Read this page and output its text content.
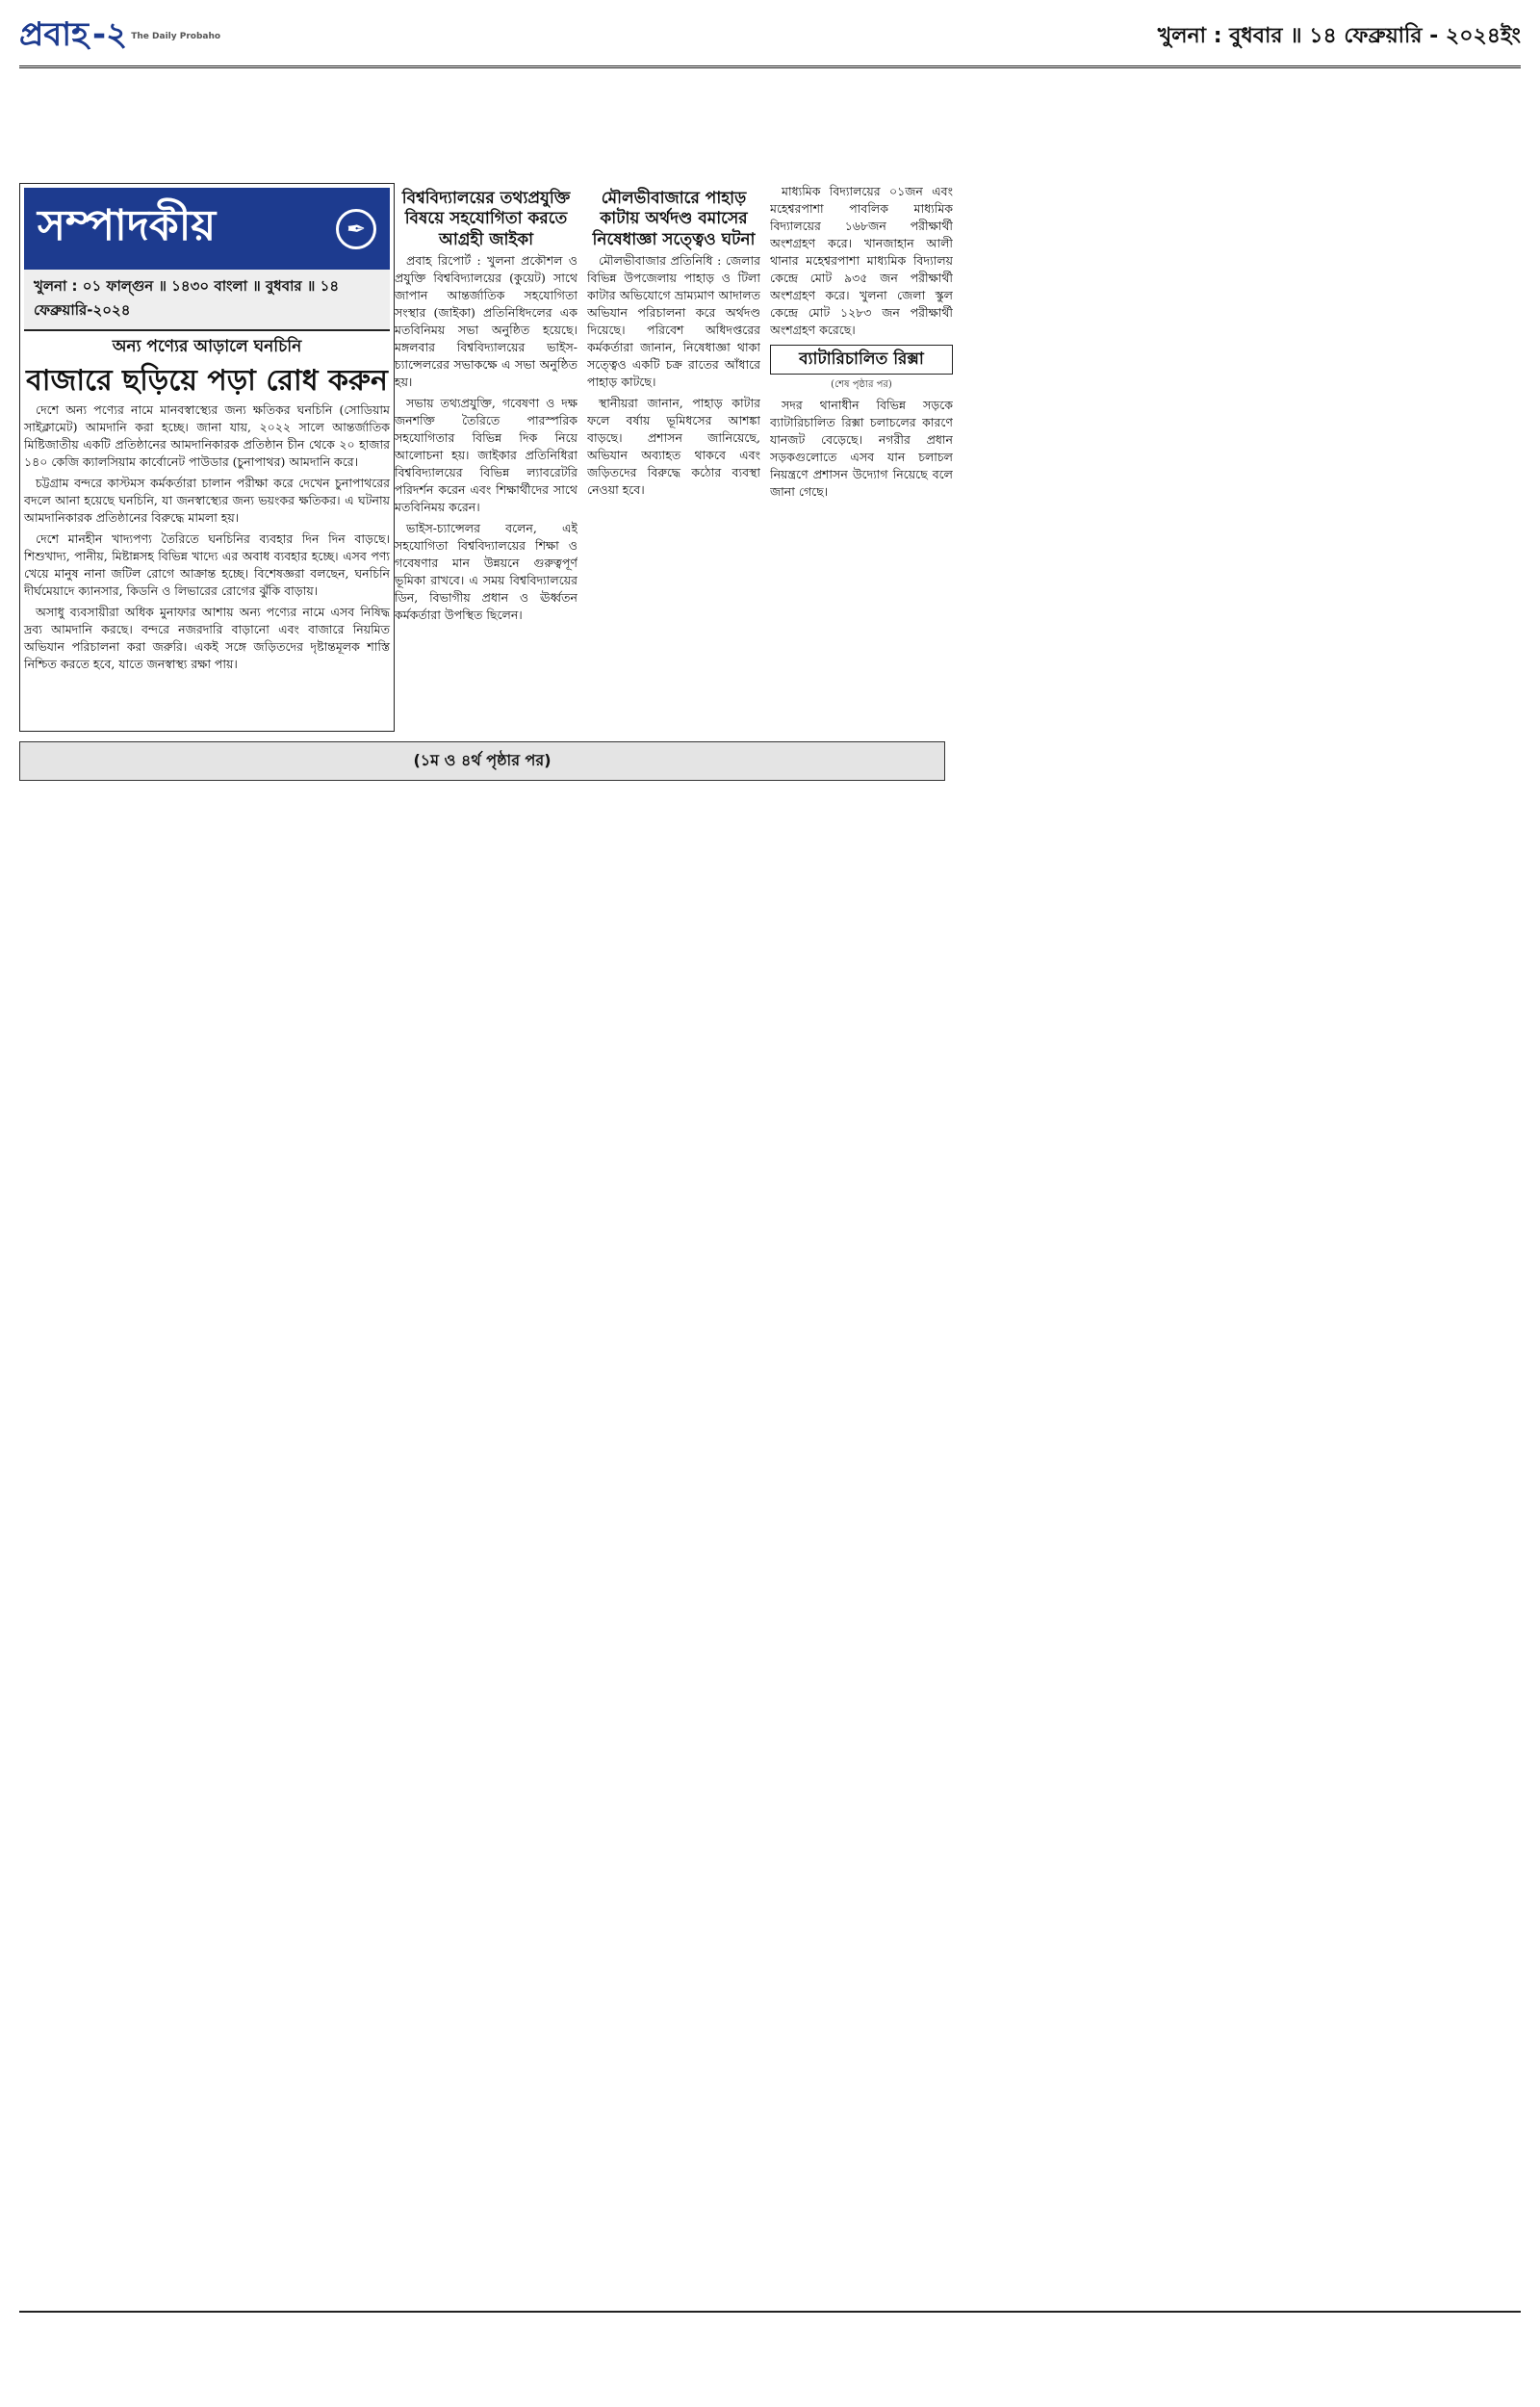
প্রবাহ -২ The Daily Probaho	খুলনা : বুধবার ॥ ১৪ ফেব্রুয়ারি - ২০২৪ইং
সম্পাদকীয়	✒
খুলনা : ০১ ফাল্গুন ॥ ১৪৩০ বাংলা ॥ বুধবার ॥ ১৪ ফেব্রুয়ারি-২০২৪
অন্য পণ্যের আড়ালে ঘনচিনি
বাজারে ছড়িয়ে পড়া রোধ করুন

দেশে অন্য পণ্যের নামে মানবস্বাস্থ্যের জন্য ক্ষতিকর ঘনচিনি (সোডিয়াম সাইক্লামেট) আমদানি করা হচ্ছে। জানা যায়, ২০২২ সালে আন্তর্জাতিক মিষ্টিজাতীয় একটি প্রতিষ্ঠানের আমদানিকারক প্রতিষ্ঠান চীন থেকে ২০ হাজার ১৪০ কেজি ক্যালসিয়াম কার্বোনেট পাউডার (চুনাপাথর) আমদানি করে।

চট্টগ্রাম বন্দরে কাস্টমস কর্মকর্তারা চালান পরীক্ষা করে দেখেন চুনাপাথরের বদলে আনা হয়েছে ঘনচিনি, যা জনস্বাস্থ্যের জন্য ভয়ংকর ক্ষতিকর। এ ঘটনায় আমদানিকারক প্রতিষ্ঠানের বিরুদ্ধে মামলা হয়।

দেশে মানহীন খাদ্যপণ্য তৈরিতে ঘনচিনির ব্যবহার দিন দিন বাড়ছে। শিশুখাদ্য, পানীয়, মিষ্টান্নসহ বিভিন্ন খাদ্যে এর অবাধ ব্যবহার হচ্ছে। এসব পণ্য খেয়ে মানুষ নানা জটিল রোগে আক্রান্ত হচ্ছে। বিশেষজ্ঞরা বলছেন, ঘনচিনি দীর্ঘমেয়াদে ক্যানসার, কিডনি ও লিভারের রোগের ঝুঁকি বাড়ায়।

অসাধু ব্যবসায়ীরা অধিক মুনাফার আশায় অন্য পণ্যের নামে এসব নিষিদ্ধ দ্রব্য আমদানি করছে। বন্দরে নজরদারি বাড়ানো এবং বাজারে নিয়মিত অভিযান পরিচালনা করা জরুরি। একই সঙ্গে জড়িতদের দৃষ্টান্তমূলক শাস্তি নিশ্চিত করতে হবে, যাতে জনস্বাস্থ্য রক্ষা পায়।

বিশ্ববিদ্যালয়ের তথ্যপ্রযুক্তি বিষয়ে সহযোগিতা করতে আগ্রহী জাইকা

প্রবাহ রিপোর্ট : খুলনা প্রকৌশল ও প্রযুক্তি বিশ্ববিদ্যালয়ের (কুয়েট) সাথে জাপান আন্তর্জাতিক সহযোগিতা সংস্থার (জাইকা) প্রতিনিধিদলের এক মতবিনিময় সভা অনুষ্ঠিত হয়েছে। মঙ্গলবার বিশ্ববিদ্যালয়ের ভাইস-চ্যান্সেলরের সভাকক্ষে এ সভা অনুষ্ঠিত হয়।

সভায় তথ্যপ্রযুক্তি, গবেষণা ও দক্ষ জনশক্তি তৈরিতে পারস্পরিক সহযোগিতার বিভিন্ন দিক নিয়ে আলোচনা হয়। জাইকার প্রতিনিধিরা বিশ্ববিদ্যালয়ের বিভিন্ন ল্যাবরেটরি পরিদর্শন করেন এবং শিক্ষার্থীদের সাথে মতবিনিময় করেন।

ভাইস-চ্যান্সেলর বলেন, এই সহযোগিতা বিশ্ববিদ্যালয়ের শিক্ষা ও গবেষণার মান উন্নয়নে গুরুত্বপূর্ণ ভূমিকা রাখবে। এ সময় বিশ্ববিদ্যালয়ের ডিন, বিভাগীয় প্রধান ও ঊর্ধ্বতন কর্মকর্তারা উপস্থিত ছিলেন।

মৌলভীবাজারে পাহাড় কাটায় অর্থদণ্ড বমাসের নিষেধাজ্ঞা সত্ত্বেও ঘটনা

মৌলভীবাজার প্রতিনিধি : জেলার বিভিন্ন উপজেলায় পাহাড় ও টিলা কাটার অভিযোগে ভ্রাম্যমাণ আদালত অভিযান পরিচালনা করে অর্থদণ্ড দিয়েছে। পরিবেশ অধিদপ্তরের কর্মকর্তারা জানান, নিষেধাজ্ঞা থাকা সত্ত্বেও একটি চক্র রাতের আঁধারে পাহাড় কাটছে।

স্থানীয়রা জানান, পাহাড় কাটার ফলে বর্ষায় ভূমিধসের আশঙ্কা বাড়ছে। প্রশাসন জানিয়েছে, অভিযান অব্যাহত থাকবে এবং জড়িতদের বিরুদ্ধে কঠোর ব্যবস্থা নেওয়া হবে।

মাধ্যমিক বিদ্যালয়ের ০১জন এবং মহেশ্বরপাশা পাবলিক মাধ্যমিক বিদ্যালয়ের ১৬৮জন পরীক্ষার্থী অংশগ্রহণ করে। খানজাহান আলী থানার মহেশ্বরপাশা মাধ্যমিক বিদ্যালয় কেন্দ্রে মোট ৯৩৫ জন পরীক্ষার্থী অংশগ্রহণ করে। খুলনা জেলা স্কুল কেন্দ্রে মোট ১২৮৩ জন পরীক্ষার্থী অংশগ্রহণ করেছে।

ব্যাটারিচালিত রিক্সা
(শেষ পৃষ্ঠার পর)

সদর থানাধীন বিভিন্ন সড়কে ব্যাটারিচালিত রিক্সা চলাচলের কারণে যানজট বেড়েছে। নগরীর প্রধান সড়কগুলোতে এসব যান চলাচল নিয়ন্ত্রণে প্রশাসন উদ্যোগ নিয়েছে বলে জানা গেছে।

(১ম ও ৪র্থ পৃষ্ঠার পর)
